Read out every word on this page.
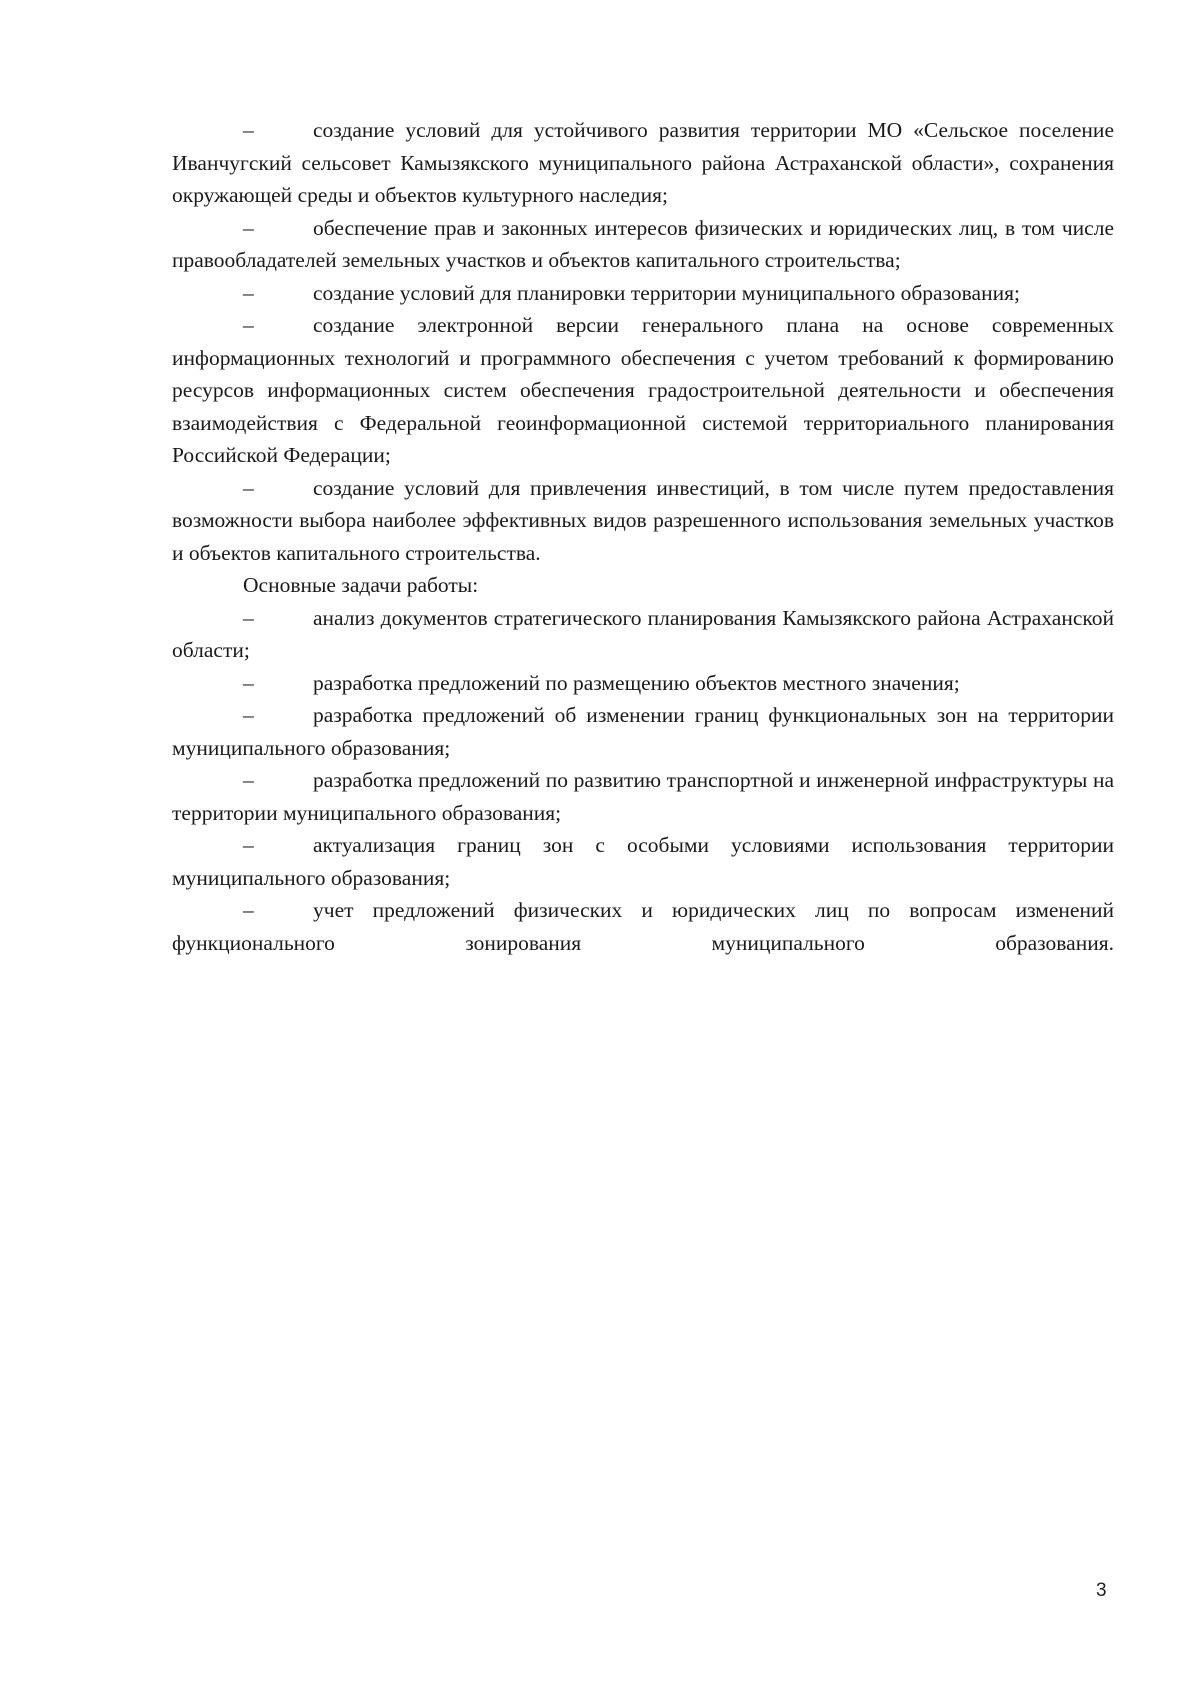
–	создание условий для устойчивого развития территории МО «Сельское поселение Иванчугский сельсовет Камызякского муниципального района Астраханской области», сохранения окружающей среды и объектов культурного наследия;

–	обеспечение прав и законных интересов физических и юридических лиц, в том числе правообладателей земельных участков и объектов капитального строительства;

–	создание условий для планировки территории муниципального образования;

–	создание электронной версии генерального плана на основе современных информационных технологий и программного обеспечения с учетом требований к формированию ресурсов информационных систем обеспечения градостроительной деятельности и обеспечения взаимодействия с Федеральной геоинформационной системой территориального планирования Российской Федерации;

–	создание условий для привлечения инвестиций, в том числе путем предоставления возможности выбора наиболее эффективных видов разрешенного использования земельных участков и объектов капитального строительства.

Основные задачи работы:

–	анализ документов стратегического планирования Камызякского района Астраханской области;

–	разработка предложений по размещению объектов местного значения;

–	разработка предложений об изменении границ функциональных зон на территории муниципального образования;

–	разработка предложений по развитию транспортной и инженерной инфраструктуры на территории муниципального образования;

–	актуализация границ зон с особыми условиями использования территории муниципального образования;

–	учет предложений физических и юридических лиц по вопросам изменений функционального зонирования муниципального образования.

3
